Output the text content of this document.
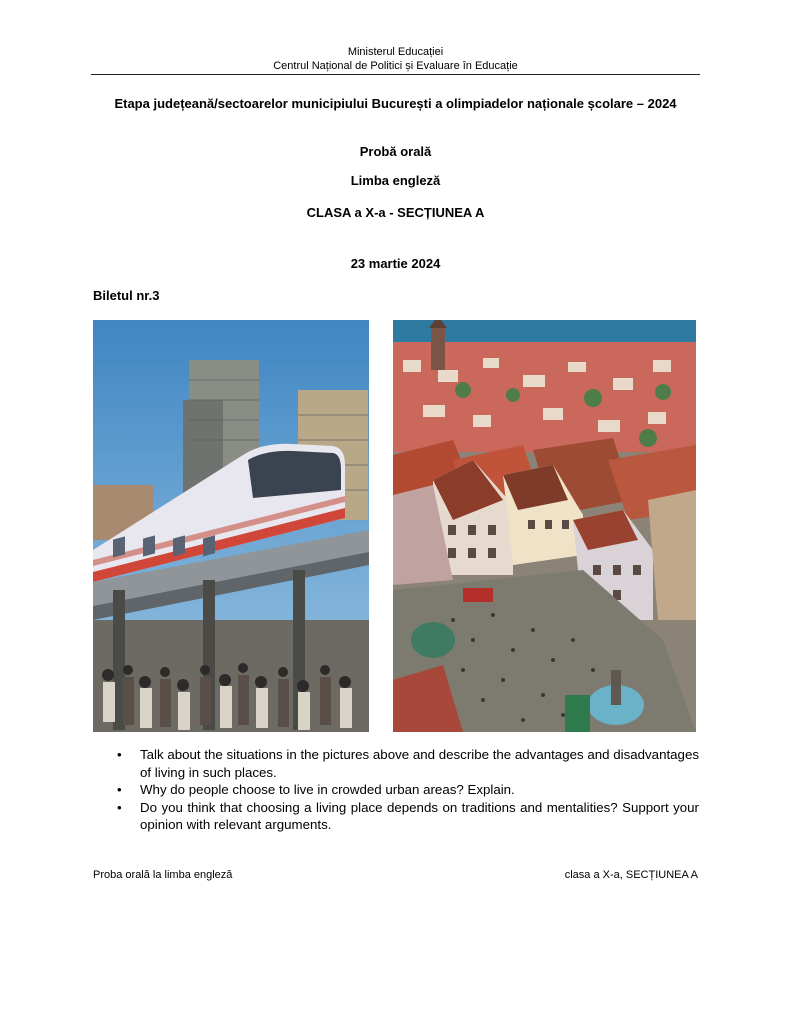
Ministerul Educației
Centrul Național de Politici și Evaluare în Educație
Etapa județeană/sectoarelor municipiului București a olimpiadelor naționale școlare – 2024
Probă orală
Limba engleză
CLASA a X-a - SECȚIUNEA A
23 martie 2024
Biletul nr.3
• Talk about the situations in the pictures above and describe the advantages and disadvantages of living in such places.
• Why do people choose to live in crowded urban areas? Explain.
• Do you think that choosing a living place depends on traditions and mentalities? Support your opinion with relevant arguments.
Proba orală la limba engleză	clasa a X-a, SECȚIUNEA A
